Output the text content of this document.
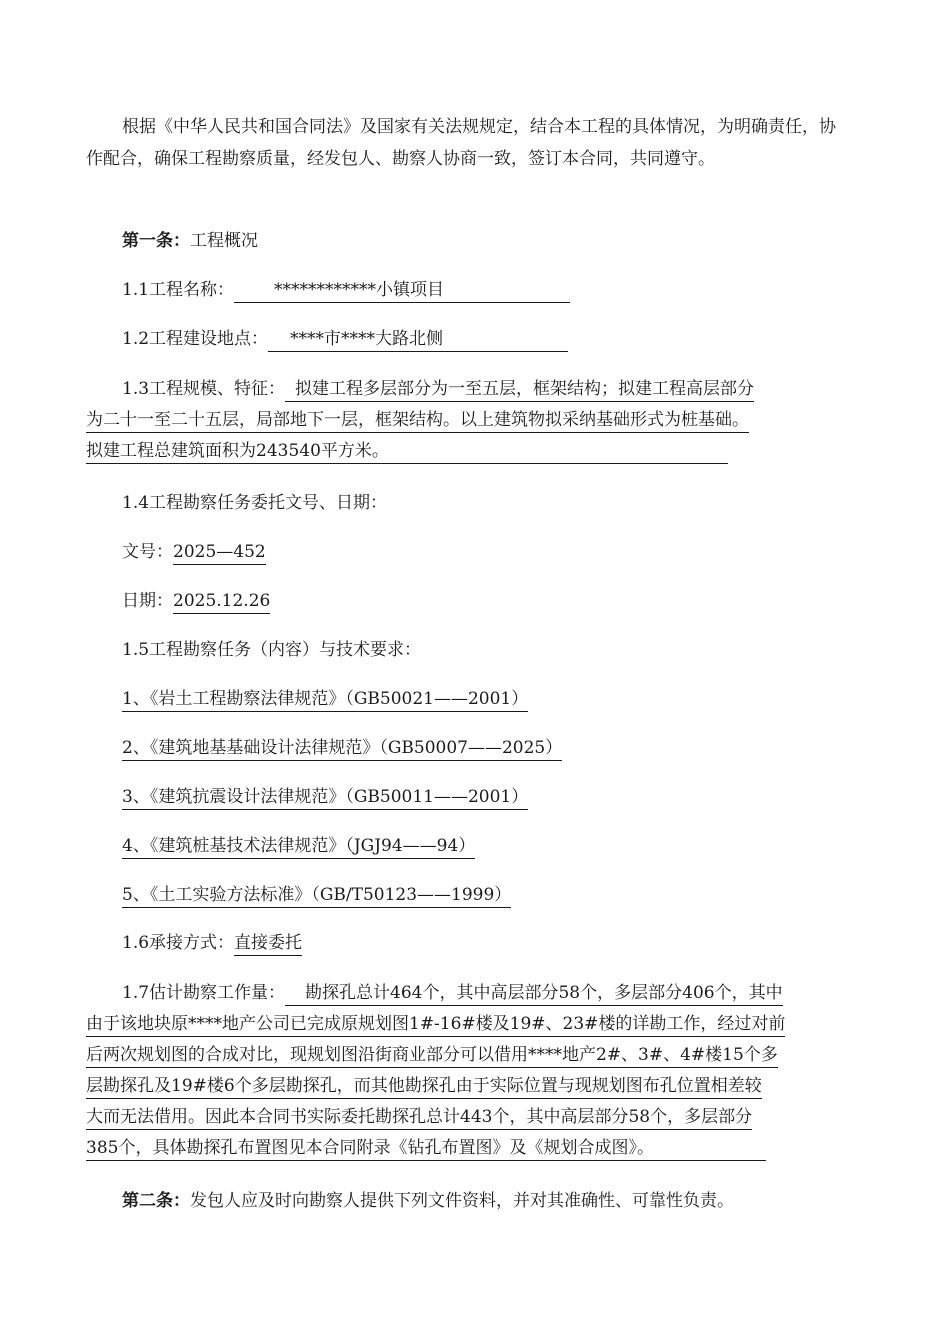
根据《中华人民共和国合同法》及国家有关法规规定，结合本工程的具体情况，为明确责任，协作配合，确保工程勘察质量，经发包人、勘察人协商一致，签订本合同，共同遵守。
第一条：工程概况
1.1工程名称： ************小镇项目
1.2工程建设地点： ****市****大路北侧
1.3工程规模、特征： 拟建工程多层部分为一至五层，框架结构；拟建工程高层部分
为二十一至二十五层，局部地下一层，框架结构。以上建筑物拟采纳基础形式为桩基础。
拟建工程总建筑面积为243540平方米。
1.4工程勘察任务委托文号、日期：
文号：2025—452
日期：2025.12.26
1.5工程勘察任务（内容）与技术要求：
1、《岩土工程勘察法律规范》（GB50021——2001）
2、《建筑地基基础设计法律规范》（GB50007——2025）
3、《建筑抗震设计法律规范》（GB50011——2001）
4、《建筑桩基技术法律规范》（JGJ94——94）
5、《土工实验方法标准》（GB/T50123——1999）
1.6承接方式：直接委托
1.7估计勘察工作量： 勘探孔总计464个，其中高层部分58个，多层部分406个，其中
由于该地块原****地产公司已完成原规划图1#-16#楼及19#、23#楼的详勘工作，经过对前
后两次规划图的合成对比，现规划图沿街商业部分可以借用****地产2#、3#、4#楼15个多
层勘探孔及19#楼6个多层勘探孔，而其他勘探孔由于实际位置与现规划图布孔位置相差较
大而无法借用。因此本合同书实际委托勘探孔总计443个，其中高层部分58个，多层部分
385个，具体勘探孔布置图见本合同附录《钻孔布置图》及《规划合成图》。
第二条：发包人应及时向勘察人提供下列文件资料，并对其准确性、可靠性负责。
